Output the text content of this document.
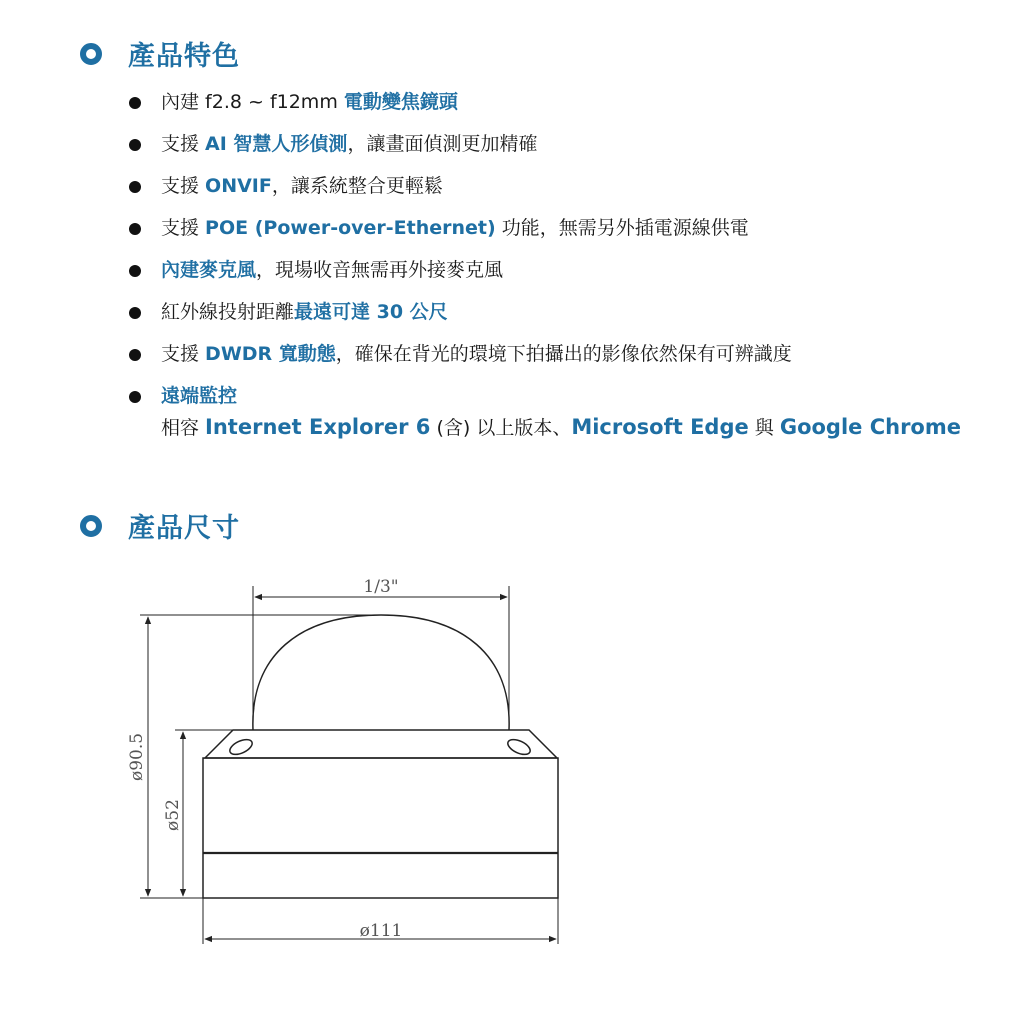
產品特色
內建 f2.8 ~ f12mm 電動變焦鏡頭
支援 AI 智慧人形偵測，讓畫面偵測更加精確
支援 ONVIF，讓系統整合更輕鬆
支援 POE (Power-over-Ethernet) 功能，無需另外插電源線供電
內建麥克風，現場收音無需再外接麥克風
紅外線投射距離最遠可達 30 公尺
支援 DWDR 寬動態，確保在背光的環境下拍攝出的影像依然保有可辨識度
遠端監控
相容 Internet Explorer 6 (含) 以上版本、Microsoft Edge 與 Google Chrome
產品尺寸
1/3"
ø111
ø90.5
ø52
